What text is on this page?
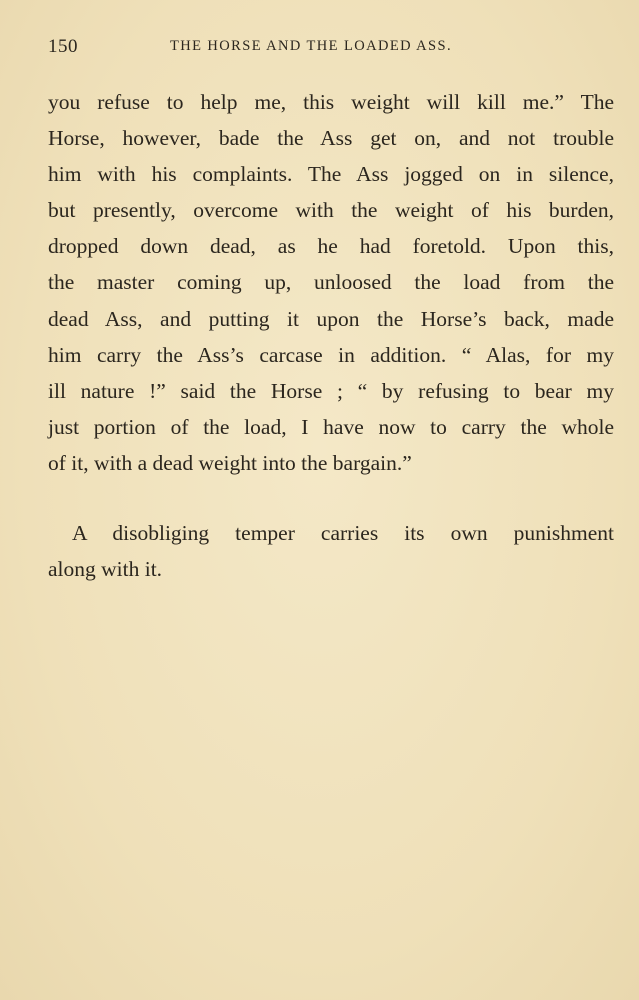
150	THE HORSE AND THE LOADED ASS.
you refuse to help me, this weight will kill me.” The
Horse, however, bade the Ass get on, and not trouble
him with his complaints. The Ass jogged on in silence,
but presently, overcome with the weight of his burden,
dropped down dead, as he had foretold. Upon this,
the master coming up, unloosed the load from the
dead Ass, and putting it upon the Horse’s back, made
him carry the Ass’s carcase in addition. “ Alas, for my
ill nature !” said the Horse ; “ by refusing to bear my
just portion of the load, I have now to carry the whole
of it, with a dead weight into the bargain.”
A disobliging temper carries its own punishment
along with it.
